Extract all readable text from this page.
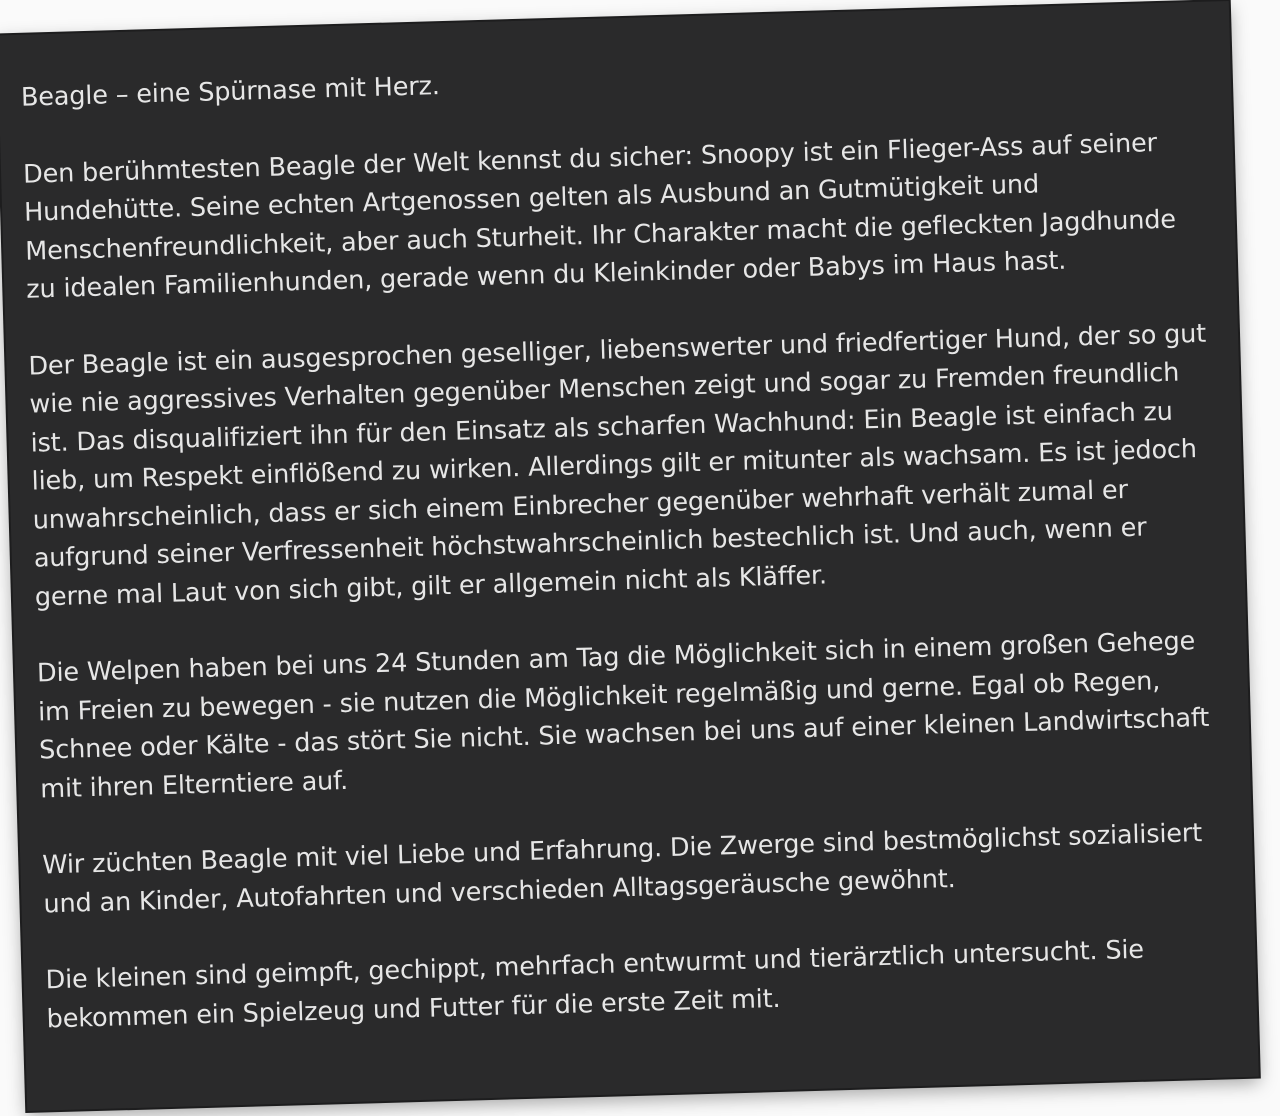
Beagle – eine Spürnase mit Herz.

Den berühmtesten Beagle der Welt kennst du sicher: Snoopy ist ein Flieger-Ass auf seiner Hundehütte. Seine echten Artgenossen gelten als Ausbund an Gutmütigkeit und Menschenfreundlichkeit, aber auch Sturheit. Ihr Charakter macht die gefleckten Jagdhunde zu idealen Familienhunden, gerade wenn du Kleinkinder oder Babys im Haus hast.

Der Beagle ist ein ausgesprochen geselliger, liebenswerter und friedfertiger Hund, der so gut wie nie aggressives Verhalten gegenüber Menschen zeigt und sogar zu Fremden freundlich ist. Das disqualifiziert ihn für den Einsatz als scharfen Wachhund: Ein Beagle ist einfach zu lieb, um Respekt einflößend zu wirken. Allerdings gilt er mitunter als wachsam. Es ist jedoch unwahrscheinlich, dass er sich einem Einbrecher gegenüber wehrhaft verhält zumal er aufgrund seiner Verfressenheit höchstwahrscheinlich bestechlich ist. Und auch, wenn er gerne mal Laut von sich gibt, gilt er allgemein nicht als Kläffer.

Die Welpen haben bei uns 24 Stunden am Tag die Möglichkeit sich in einem großen Gehege im Freien zu bewegen - sie nutzen die Möglichkeit regelmäßig und gerne. Egal ob Regen, Schnee oder Kälte - das stört Sie nicht. Sie wachsen bei uns auf einer kleinen Landwirtschaft mit ihren Elterntiere auf.

Wir züchten Beagle mit viel Liebe und Erfahrung. Die Zwerge sind bestmöglichst sozialisiert und an Kinder, Autofahrten und verschieden Alltagsgeräusche gewöhnt.

Die kleinen sind geimpft, gechippt, mehrfach entwurmt und tierärztlich untersucht. Sie bekommen ein Spielzeug und Futter für die erste Zeit mit.
